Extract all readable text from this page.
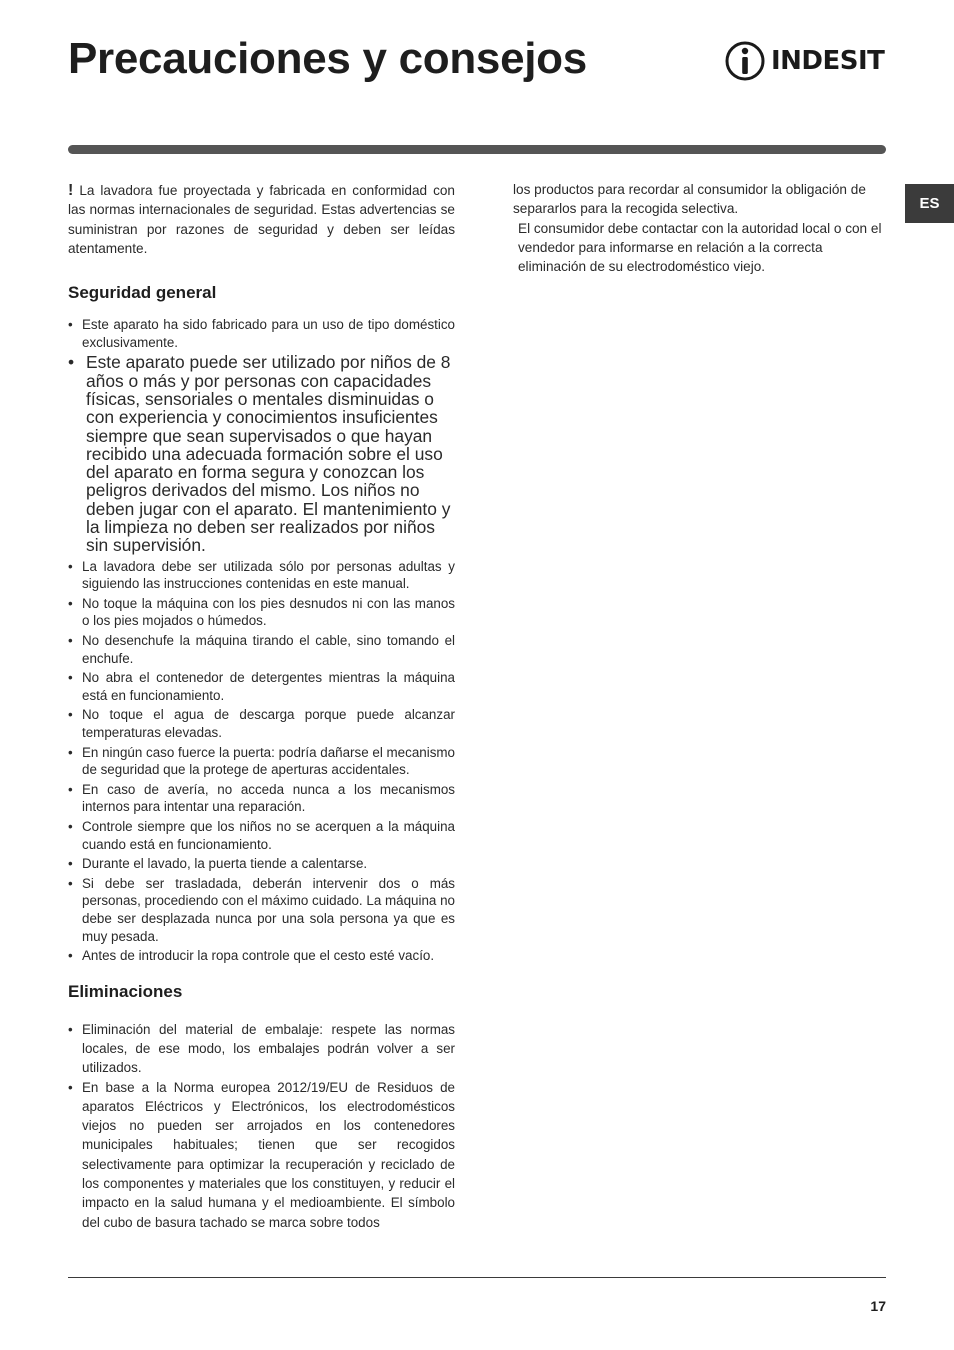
Precauciones y consejos	INDESIT
ES

! La lavadora fue proyectada y fabricada en conformidad con las normas internacionales de seguridad. Estas advertencias se suministran por razones de seguridad y deben ser leídas atentamente.

Seguridad general
• Este aparato ha sido fabricado para un uso de tipo doméstico exclusivamente.
• Este aparato puede ser utilizado por niños de 8 años o más y por personas con capacidades físicas, sensoriales o mentales disminuidas o con experiencia y conocimientos insuficientes siempre que sean supervisados o que hayan recibido una adecuada formación sobre el uso del aparato en forma segura y conozcan los peligros derivados del mismo. Los niños no deben jugar con el aparato. El mantenimiento y la limpieza no deben ser realizados por niños sin supervisión.
• La lavadora debe ser utilizada sólo por personas adultas y siguiendo las instrucciones contenidas en este manual.
• No toque la máquina con los pies desnudos ni con las manos o los pies mojados o húmedos.
• No desenchufe la máquina tirando el cable, sino tomando el enchufe.
• No abra el contenedor de detergentes mientras la máquina está en funcionamiento.
• No toque el agua de descarga porque puede alcanzar temperaturas elevadas.
• En ningún caso fuerce la puerta: podría dañarse el mecanismo de seguridad que la protege de aperturas accidentales.
• En caso de avería, no acceda nunca a los mecanismos internos para intentar una reparación.
• Controle siempre que los niños no se acerquen a la máquina cuando está en funcionamiento.
• Durante el lavado, la puerta tiende a calentarse.
• Si debe ser trasladada, deberán intervenir dos o más personas, procediendo con el máximo cuidado. La máquina no debe ser desplazada nunca por una sola persona ya que es muy pesada.
• Antes de introducir la ropa controle que el cesto esté vacío.
Eliminaciones
• Eliminación del material de embalaje: respete las normas locales, de ese modo, los embalajes podrán volver a ser utilizados.
• En base a la Norma europea 2012/19/EU de Residuos de aparatos Eléctricos y Electrónicos, los electrodomésticos viejos no pueden ser arrojados en los contenedores municipales habituales; tienen que ser recogidos selectivamente para optimizar la recuperación y reciclado de los componentes y materiales que los constituyen, y reducir el impacto en la salud humana y el medioambiente. El símbolo del cubo de basura tachado se marca sobre todos

los productos para recordar al consumidor la obligación de separarlos para la recogida selectiva.

El consumidor debe contactar con la autoridad local o con el vendedor para informarse en relación a la correcta eliminación de su electrodoméstico viejo.

17
